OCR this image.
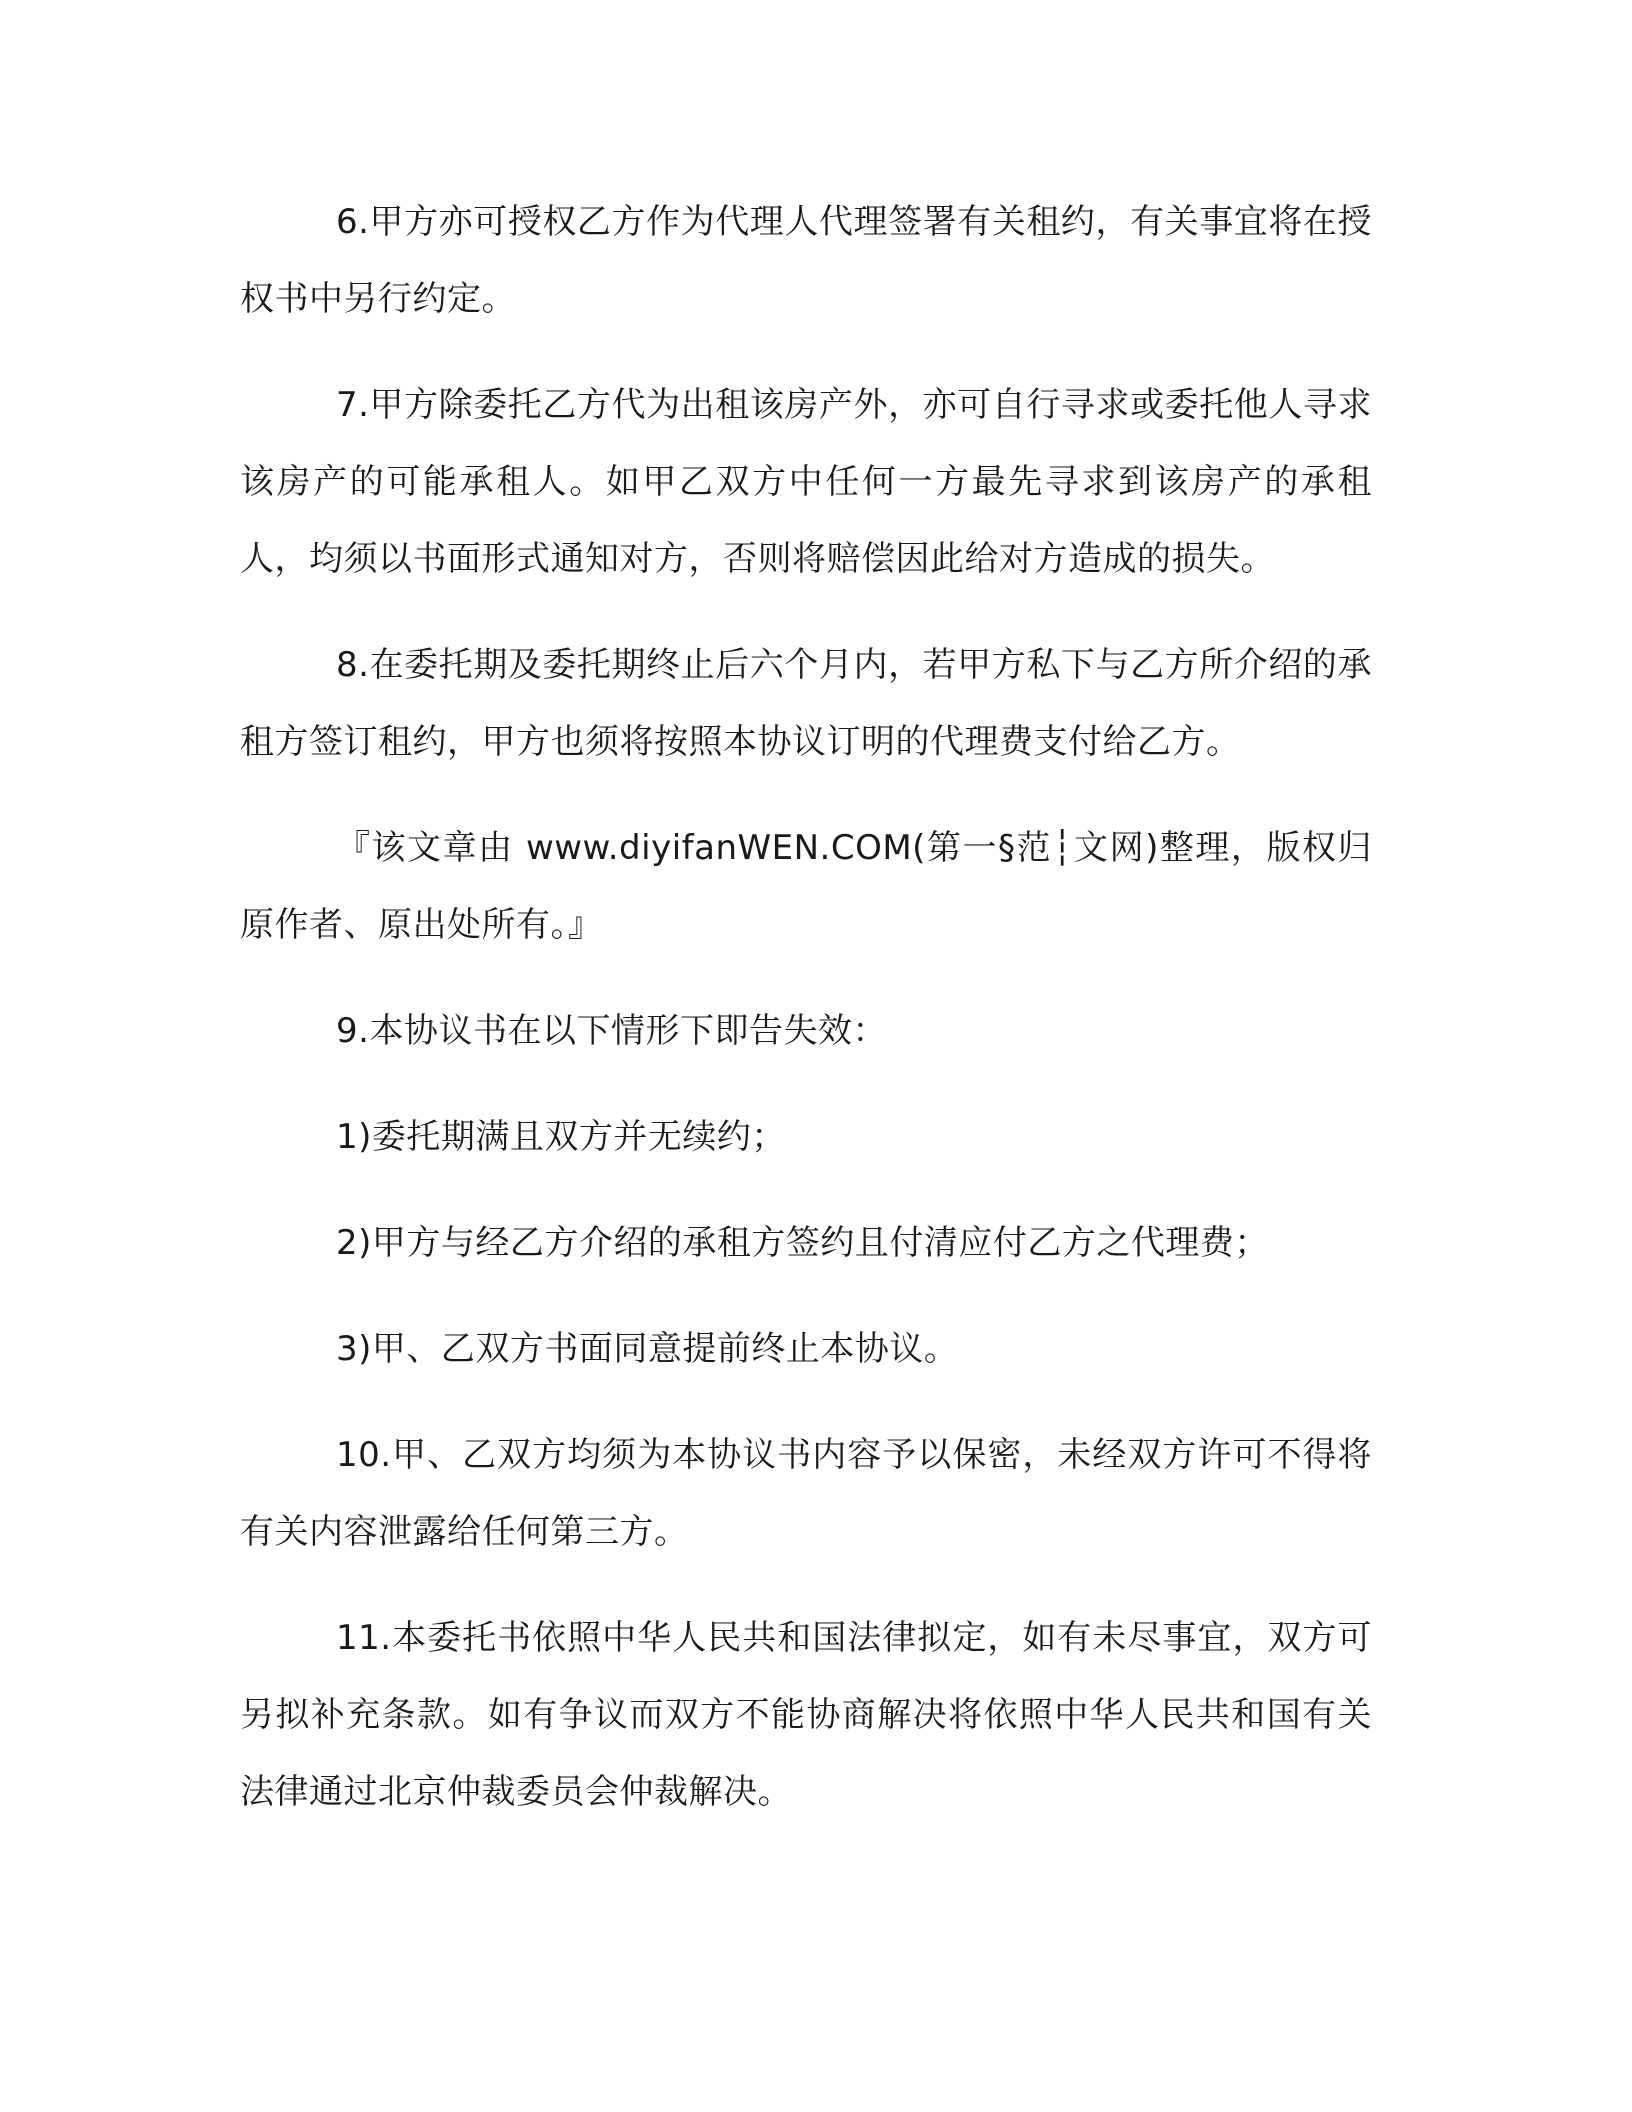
6.甲方亦可授权乙方作为代理人代理签署有关租约，有关事宜将在授权书中另行约定。

7.甲方除委托乙方代为出租该房产外，亦可自行寻求或委托他人寻求该房产的可能承租人。如甲乙双方中任何一方最先寻求到该房产的承租人，均须以书面形式通知对方，否则将赔偿因此给对方造成的损失。

8.在委托期及委托期终止后六个月内，若甲方私下与乙方所介绍的承租方签订租约，甲方也须将按照本协议订明的代理费支付给乙方。

『该文章由 www.diyifanWEN.COM(第一§范┆文网)整理，版权归原作者、原出处所有。』

9.本协议书在以下情形下即告失效：

1)委托期满且双方并无续约；

2)甲方与经乙方介绍的承租方签约且付清应付乙方之代理费；

3)甲、乙双方书面同意提前终止本协议。

10.甲、乙双方均须为本协议书内容予以保密，未经双方许可不得将有关内容泄露给任何第三方。

11.本委托书依照中华人民共和国法律拟定，如有未尽事宜，双方可另拟补充条款。如有争议而双方不能协商解决将依照中华人民共和国有关法律通过北京仲裁委员会仲裁解决。
